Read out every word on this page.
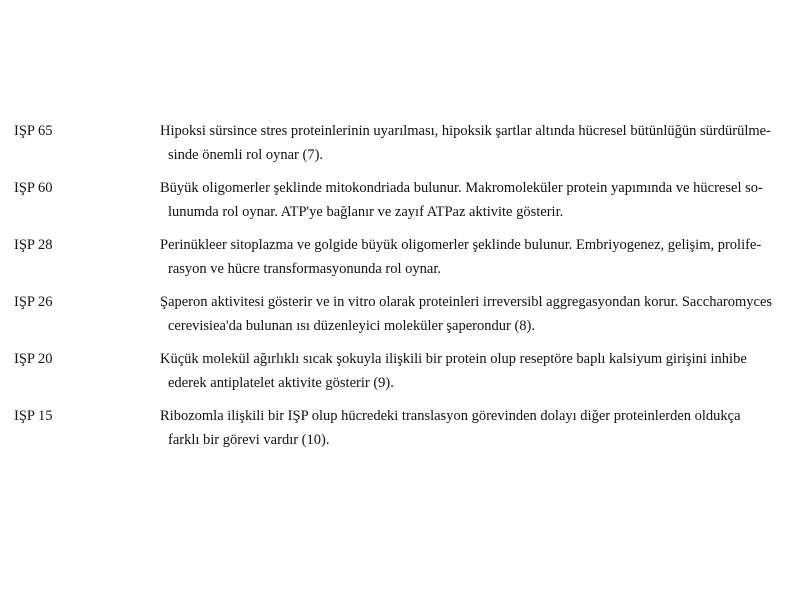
IŞP 65	Hipoksi sürsince stres proteinlerinin uyarılması, hipoksik şartlar altında hücresel bütünlüğün sürdürülme-
sinde önemli rol oynar (7).
IŞP 60	Büyük oligomerler şeklinde mitokondriada bulunur. Makromoleküler protein yapımında ve hücresel so-
lunumda rol oynar. ATP'ye bağlanır ve zayıf ATPaz aktivite gösterir.
IŞP 28	Perinükleer sitoplazma ve golgide büyük oligomerler şeklinde bulunur. Embriyogenez, gelişim, prolife-
rasyon ve hücre transformasyonunda rol oynar.
IŞP 26	Şaperon aktivitesi gösterir ve in vitro olarak proteinleri irreversibl aggregasyondan korur. Saccharomyces
cerevisiea'da bulunan ısı düzenleyici moleküler şaperondur (8).
IŞP 20	Küçük molekül ağırlıklı sıcak şokuyla ilişkili bir protein olup reseptöre baplı kalsiyum girişini inhibe
ederek antiplatelet aktivite gösterir (9).
IŞP 15	Ribozomla ilişkili bir IŞP olup hücredeki translasyon görevinden dolayı diğer proteinlerden oldukça
farklı bir görevi vardır (10).
